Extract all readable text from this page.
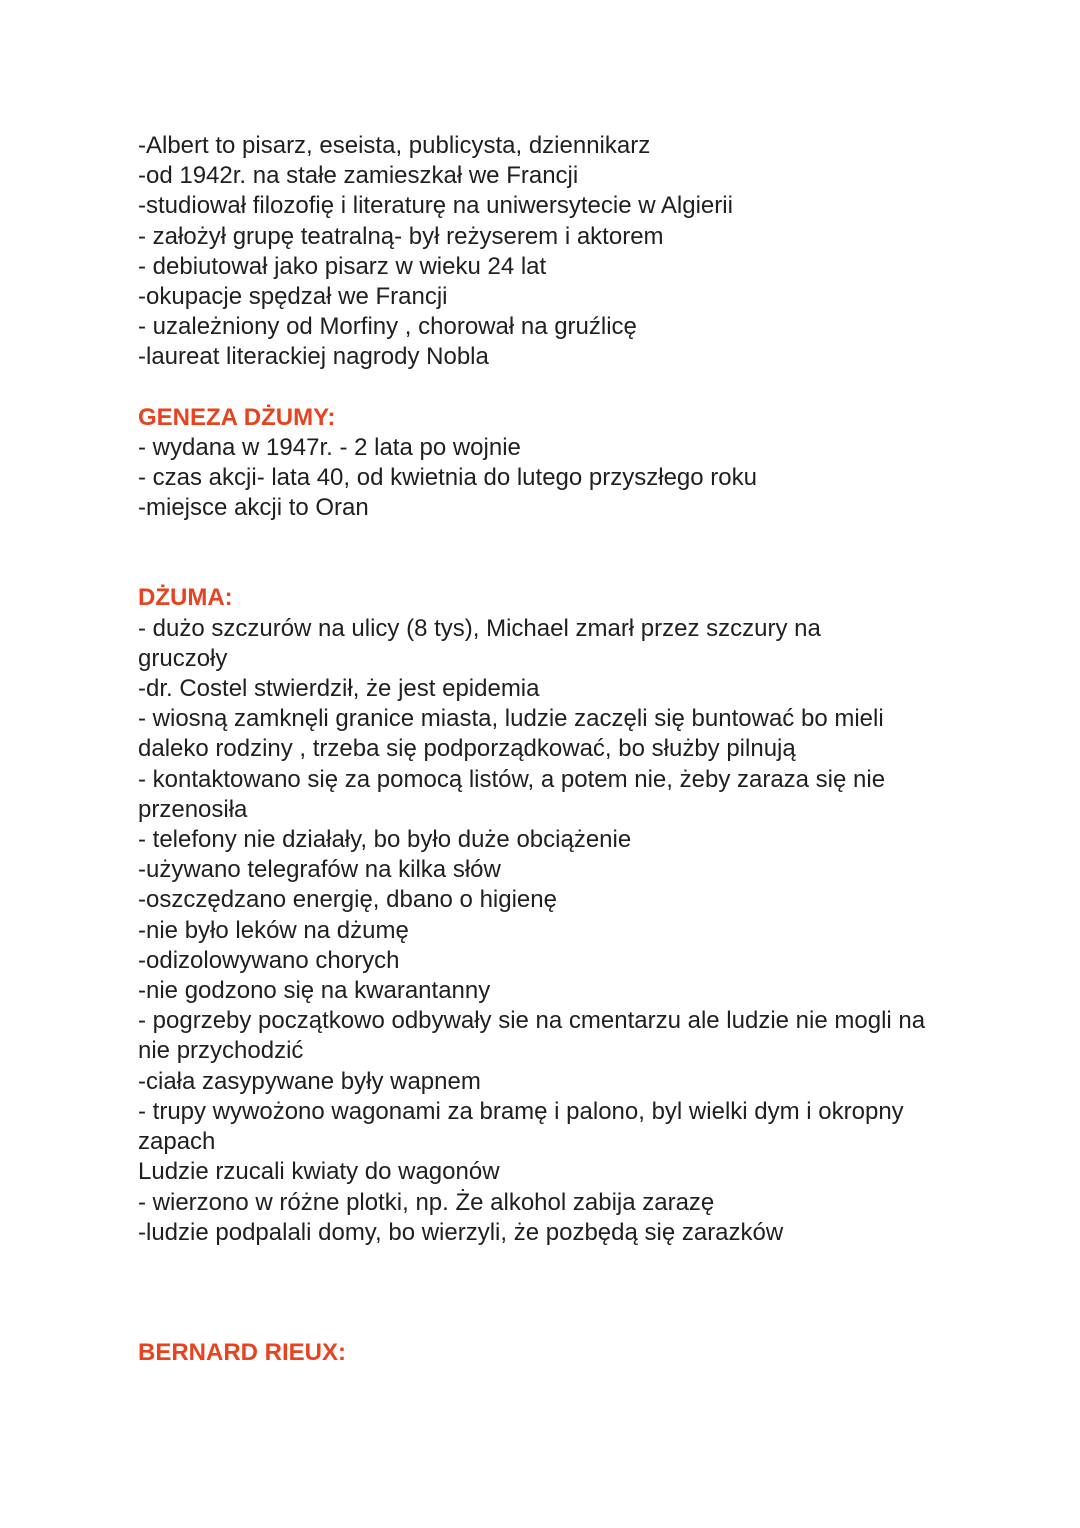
-Albert to pisarz, eseista, publicysta, dziennikarz
-od 1942r. na stałe zamieszkał we Francji
-studiował filozofię i literaturę na uniwersytecie w Algierii
- założył grupę teatralną- był reżyserem i aktorem
- debiutował jako pisarz w wieku 24 lat
-okupacje spędzał we Francji
- uzależniony od Morfiny , chorował na gruźlicę
-laureat literackiej nagrody Nobla
GENEZA DŻUMY:
- wydana w 1947r. - 2 lata po wojnie
- czas akcji- lata 40, od kwietnia do lutego przyszłego roku
-miejsce akcji to Oran
DŻUMA:
- dużo szczurów na ulicy (8 tys), Michael zmarł przez szczury na gruczoły
-dr. Costel stwierdził, że jest epidemia
- wiosną zamknęli granice miasta, ludzie zaczęli się buntować bo mieli daleko rodziny , trzeba się podporządkować, bo służby pilnują
- kontaktowano się za pomocą listów, a potem nie, żeby zaraza się nie przenosiła
- telefony nie działały, bo było duże obciążenie
-używano telegrafów na kilka słów
-oszczędzano energię, dbano o higienę
-nie było leków na dżumę
-odizolowywano chorych
-nie godzono się na kwarantanny
- pogrzeby początkowo odbywały sie na cmentarzu ale ludzie nie mogli na nie przychodzić
-ciała zasypywane były wapnem
- trupy wywożono wagonami za bramę i palono, byl wielki dym i okropny zapach
Ludzie rzucali kwiaty do wagonów
- wierzono w różne plotki, np. Że alkohol zabija zarazę
-ludzie podpalali domy, bo wierzyli, że pozbędą się zarazków
BERNARD RIEUX:
